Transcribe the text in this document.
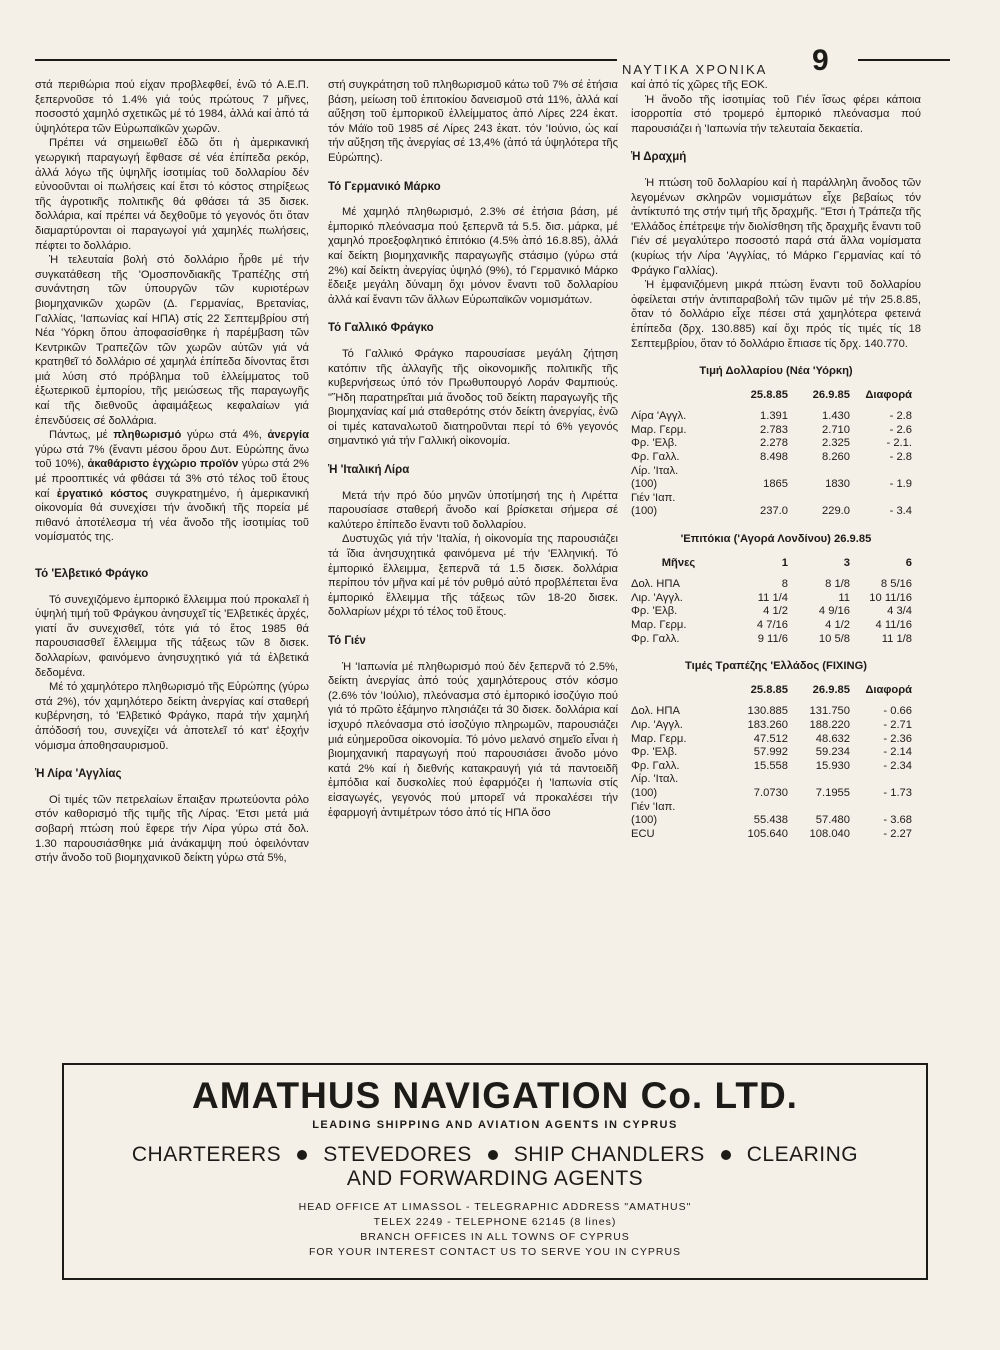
ΝΑΥΤΙΚΑ ΧΡΟΝΙΚΑ	9

στά περιθώρια πού είχαν προβλεφθεί, ἐνῶ τό Α.Ε.Π. ξεπερνοῦσε τό 1.4% γιά τούς πρώτους 7 μῆνες, ποσοστό χαμηλό σχετικῶς μέ τό 1984, ἀλλά καί ἀπό τά ὑψηλότερα τῶν Εὐρωπαϊκῶν χωρῶν.

Πρέπει νά σημειωθεῖ ἐδῶ ὅτι ἡ ἀμερικανική γεωργική παραγωγή ἔφθασε σέ νέα ἐπίπεδα ρεκόρ, ἀλλά λόγω τῆς ὑψηλῆς ἰσοτιμίας τοῦ δολλαρίου δέν εὐνοοῦνται οἱ πωλήσεις καί ἔτσι τό κόστος στηρίξεως τῆς ἀγροτικῆς πολιτικῆς θά φθάσει τά 35 δισεκ. δολλάρια, καί πρέπει νά δεχθοῦμε τό γεγονός ὅτι ὅταν διαμαρτύρονται οἱ παραγωγοί γιά χαμηλές πωλήσεις, πέφτει το δολλάριο.

Ἡ τελευταία βολή στό δολλάριο ἦρθε μέ τήν συγκατάθεση τῆς 'Ομοσπονδιακῆς Τραπέζης στή συνάντηση τῶν ὑπουργῶν τῶν κυριοτέρων βιομηχανικῶν χωρῶν (Δ. Γερμανίας, Βρετανίας, Γαλλίας, 'Ιαπωνίας καί ΗΠΑ) στίς 22 Σεπτεμβρίου στή Νέα 'Υόρκη ὅπου ἀποφασίσθηκε ἡ παρέμβαση τῶν Κεντρικῶν Τραπεζῶν τῶν χωρῶν αὐτῶν γιά νά κρατηθεῖ τό δολλάριο σέ χαμηλά ἐπίπεδα δίνοντας ἔτσι μιά λύση στό πρόβλημα τοῦ ἐλλείμματος τοῦ ἐξωτερικοῦ ἐμπορίου, τῆς μειώσεως τῆς παραγωγῆς καί τῆς διεθνοῦς ἀφαιμάξεως κεφαλαίων γιά ἐπενδύσεις σέ δολλάρια.

Πάντως, μέ πληθωρισμό γύρω στά 4%, ἀνεργία γύρω στά 7% (ἔναντι μέσου ὅρου Δυτ. Εὐρώπης ἄνω τοῦ 10%), ἀκαθάριστο ἐγχώριο προϊόν γύρω στά 2% μέ προοπτικές νά φθάσει τά 3% στό τέλος τοῦ ἔτους καί ἐργατικό κόστος συγκρατημένο, ἡ ἀμερικανική οἰκονομία θά συνεχίσει τήν ἀνοδική τῆς πορεία μέ πιθανό ἀποτέλεσμα τή νέα ἄνοδο τῆς ἰσοτιμίας τοῦ νομίσματός της.

Τό 'Ελβετικό Φράγκο

Τό συνεχιζόμενο ἐμπορικό ἔλλειμμα πού προκαλεῖ ἡ ὑψηλή τιμή τοῦ Φράγκου ἀνησυχεῖ τίς 'Ελβετικές ἀρχές, γιατί ἄν συνεχισθεῖ, τότε γιά τό ἔτος 1985 θά παρουσιασθεῖ ἔλλειμμα τῆς τάξεως τῶν 8 δισεκ. δολλαρίων, φαινόμενο ἀνησυχητικό γιά τά ἐλβετικά δεδομένα.

Μέ τό χαμηλότερο πληθωρισμό τῆς Εὐρώπης (γύρω στά 2%), τόν χαμηλότερο δείκτη ἀνεργίας καί σταθερή κυβέρνηση, τό 'Ελβετικό Φράγκο, παρά τήν χαμηλή ἀπόδοσή του, συνεχίζει νά ἀποτελεῖ τό κατ' ἐξοχήν νόμισμα ἀποθησαυρισμοῦ.

Ἡ Λίρα 'Αγγλίας

Οἱ τιμές τῶν πετρελαίων ἔπαιξαν πρωτεύοντα ρόλο στόν καθορισμό τῆς τιμῆς τῆς Λίρας. 'Ετσι μετά μιά σοβαρή πτώση πού ἔφερε τήν Λίρα γύρω στά δολ. 1.30 παρουσιάσθηκε μιά ἀνάκαμψη πού ὀφειλόνταν στήν ἄνοδο τοῦ βιομηχανικοῦ δείκτη γύρω στά 5%,

στή συγκράτηση τοῦ πληθωρισμοῦ κάτω τοῦ 7% σέ ἐτήσια βάση, μείωση τοῦ ἐπιτοκίου δανεισμοῦ στά 11%, ἀλλά καί αὔξηση τοῦ ἐμπορικοῦ ἐλλείμματος ἀπό Λίρες 224 ἑκατ. τόν Μάϊο τοῦ 1985 σέ Λίρες 243 ἑκατ. τόν 'Ιούνιο, ὡς καί τήν αὔξηση τῆς ἀνεργίας σέ 13,4% (ἀπό τά ὑψηλότερα τῆς Εὐρώπης).

Τό Γερμανικό Μάρκο

Μέ χαμηλό πληθωρισμό, 2.3% σέ ἐτήσια βάση, μέ ἐμπορικό πλεόνασμα πού ξεπερνᾶ τά 5.5. δισ. μάρκα, μέ χαμηλό προεξοφλητικό ἐπιτόκιο (4.5% ἀπό 16.8.85), ἀλλά καί δείκτη βιομηχανικῆς παραγωγῆς στάσιμο (γύρω στά 2%) καί δείκτη ἀνεργίας ὑψηλό (9%), τό Γερμανικό Μάρκο ἔδειξε μεγάλη δύναμη ὄχι μόνον ἔναντι τοῦ δολλαρίου ἀλλά καί ἔναντι τῶν ἄλλων Εὐρωπαϊκῶν νομισμάτων.

Τό Γαλλικό Φράγκο

Τό Γαλλικό Φράγκο παρουσίασε μεγάλη ζήτηση κατόπιν τῆς ἀλλαγῆς τῆς οἰκονομικῆς πολιτικῆς τῆς κυβερνήσεως ὑπό τόν Πρωθυπουργό Λοράν Φαμπιούς. "Ἤδη παρατηρεῖται μιά ἄνοδος τοῦ δείκτη παραγωγῆς τῆς βιομηχανίας καί μιά σταθερότης στόν δείκτη ἀνεργίας, ἐνῶ οἱ τιμές καταναλωτοῦ διατηροῦνται περί τό 6% γεγονός σημαντικό γιά τήν Γαλλική οἰκονομία.

Ἡ 'Ιταλική Λίρα

Μετά τήν πρό δύο μηνῶν ὑποτίμησή της ἡ Λιρέττα παρουσίασε σταθερή ἄνοδο καί βρίσκεται σήμερα σέ καλύτερο ἐπίπεδο ἔναντι τοῦ δολλαρίου.

Δυστυχῶς γιά τήν 'Ιταλία, ἡ οἰκονομία της παρουσιάζει τά ἴδια ἀνησυχητικά φαινόμενα μέ τήν 'Ελληνική. Τό ἐμπορικό ἔλλειμμα, ξεπερνᾶ τά 1.5 δισεκ. δολλάρια περίπου τόν μῆνα καί μέ τόν ρυθμό αὐτό προβλέπεται ἔνα ἐμπορικό ἔλλειμμα τῆς τάξεως τῶν 18-20 δισεκ. δολλαρίων μέχρι τό τέλος τοῦ ἔτους.

Τό Γιέν

Ἡ 'Ιαπωνία μέ πληθωρισμό πού δέν ξεπερνᾶ τό 2.5%, δείκτη ἀνεργίας ἀπό τούς χαμηλότερους στόν κόσμο (2.6% τόν 'Ιούλιο), πλεόνασμα στό ἐμπορικό ἰσοζύγιο πού γιά τό πρῶτο ἑξάμηνο πλησιάζει τά 30 δισεκ. δολλάρια καί ἰσχυρό πλεόνασμα στό ἰσοζύγιο πληρωμῶν, παρουσιάζει μιά εὐημεροῦσα οἰκονομία. Τό μόνο μελανό σημεῖο εἶναι ἡ βιομηχανική παραγωγή πού παρουσιάσει ἄνοδο μόνο κατά 2% καί ἡ διεθνής κατακραυγή γιά τά παντοειδῆ ἐμπόδια καί δυσκολίες πού ἐφαρμόζει ἡ 'Ιαπωνία στίς εἰσαγωγές, γεγονός πού μπορεῖ νά προκαλέσει τήν ἐφαρμογή ἀντιμέτρων τόσο ἀπό τίς ΗΠΑ ὅσο

καί ἀπό τίς χῶρες τῆς ΕΟΚ.

Ἡ ἄνοδο τῆς ἰσοτιμίας τοῦ Γιέν ἴσως φέρει κάποια ἰσορροπία στό τρομερό ἐμπορικό πλεόνασμα πού παρουσιάζει ἡ 'Ιαπωνία τήν τελευταία δεκαετία.

Ἡ Δραχμή

Ἡ πτώση τοῦ δολλαρίου καί ἡ παράλληλη ἄνοδος τῶν λεγομένων σκληρῶν νομισμάτων εἶχε βεβαίως τόν ἀντίκτυπό της στήν τιμή τῆς δραχμῆς. "Ετσι ἡ Τράπεζα τῆς 'Ελλάδος ἐπέτρεψε τήν διολίσθηση τῆς δραχμῆς ἔναντι τοῦ Γιέν σέ μεγαλύτερο ποσοστό παρά στά ἄλλα νομίσματα (κυρίως τήν Λίρα 'Αγγλίας, τό Μάρκο Γερμανίας καί τό Φράγκο Γαλλίας).

Ἡ ἐμφανιζόμενη μικρά πτώση ἔναντι τοῦ δολλαρίου ὀφείλεται στήν ἀντιπαραβολή τῶν τιμῶν μέ τήν 25.8.85, ὅταν τό δολλάριο εἶχε πέσει στά χαμηλότερα φετεινά ἐπίπεδα (δρχ. 130.885) καί ὄχι πρός τίς τιμές τίς 18 Σεπτεμβρίου, ὅταν τό δολλάριο ἔπιασε τίς δρχ. 140.770.

Τιμή Δολλαρίου (Νέα 'Υόρκη)
25.8.85	26.9.85	Διαφορά
Λίρα 'Αγγλ.	1.391	1.430	- 2.8
Μαρ. Γερμ.	2.783	2.710	- 2.6
Φρ. 'Ελβ.	2.278	2.325	- 2.1.
Φρ. Γαλλ.	8.498	8.260	- 2.8
Λίρ. 'Ιταλ.
(100)	1865	1830	- 1.9
Γιέν 'Ιαπ.
(100)	237.0	229.0	- 3.4
'Επιτόκια ('Αγορά Λονδίνου) 26.9.85
Μῆνες	1	3	6
Δολ. ΗΠΑ	8	8 1/8	8 5/16
Λιρ. 'Αγγλ.	11 1/4	11	10 11/16
Φρ. 'Ελβ.	4 1/2	4 9/16	4 3/4
Μαρ. Γερμ.	4 7/16	4 1/2	4 11/16
Φρ. Γαλλ.	9 11/6	10 5/8	11 1/8
Τιμές Τραπέζης 'Ελλάδος (FIXING)
25.8.85	26.9.85	Διαφορά
Δολ. ΗΠΑ	130.885	131.750	- 0.66
Λιρ. 'Αγγλ.	183.260	188.220	- 2.71
Μαρ. Γερμ.	47.512	48.632	- 2.36
Φρ. 'Ελβ.	57.992	59.234	- 2.14
Φρ. Γαλλ.	15.558	15.930	- 2.34
Λίρ. 'Ιταλ.
(100)	7.0730	7.1955	- 1.73
Γιέν 'Ιαπ.
(100)	55.438	57.480	- 3.68
ECU	105.640	108.040	- 2.27
AMATHUS NAVIGATION Co. LTD.
LEADING SHIPPING AND AVIATION AGENTS IN CYPRUS
CHARTERERS STEVEDORES SHIP CHANDLERS CLEARING
AND FORWARDING AGENTS
HEAD OFFICE AT LIMASSOL - TELEGRAPHIC ADDRESS "AMATHUS"
TELEX 2249 - TELEPHONE 62145 (8 lines)
BRANCH OFFICES IN ALL TOWNS OF CYPRUS
FOR YOUR INTEREST CONTACT US TO SERVE YOU IN CYPRUS
